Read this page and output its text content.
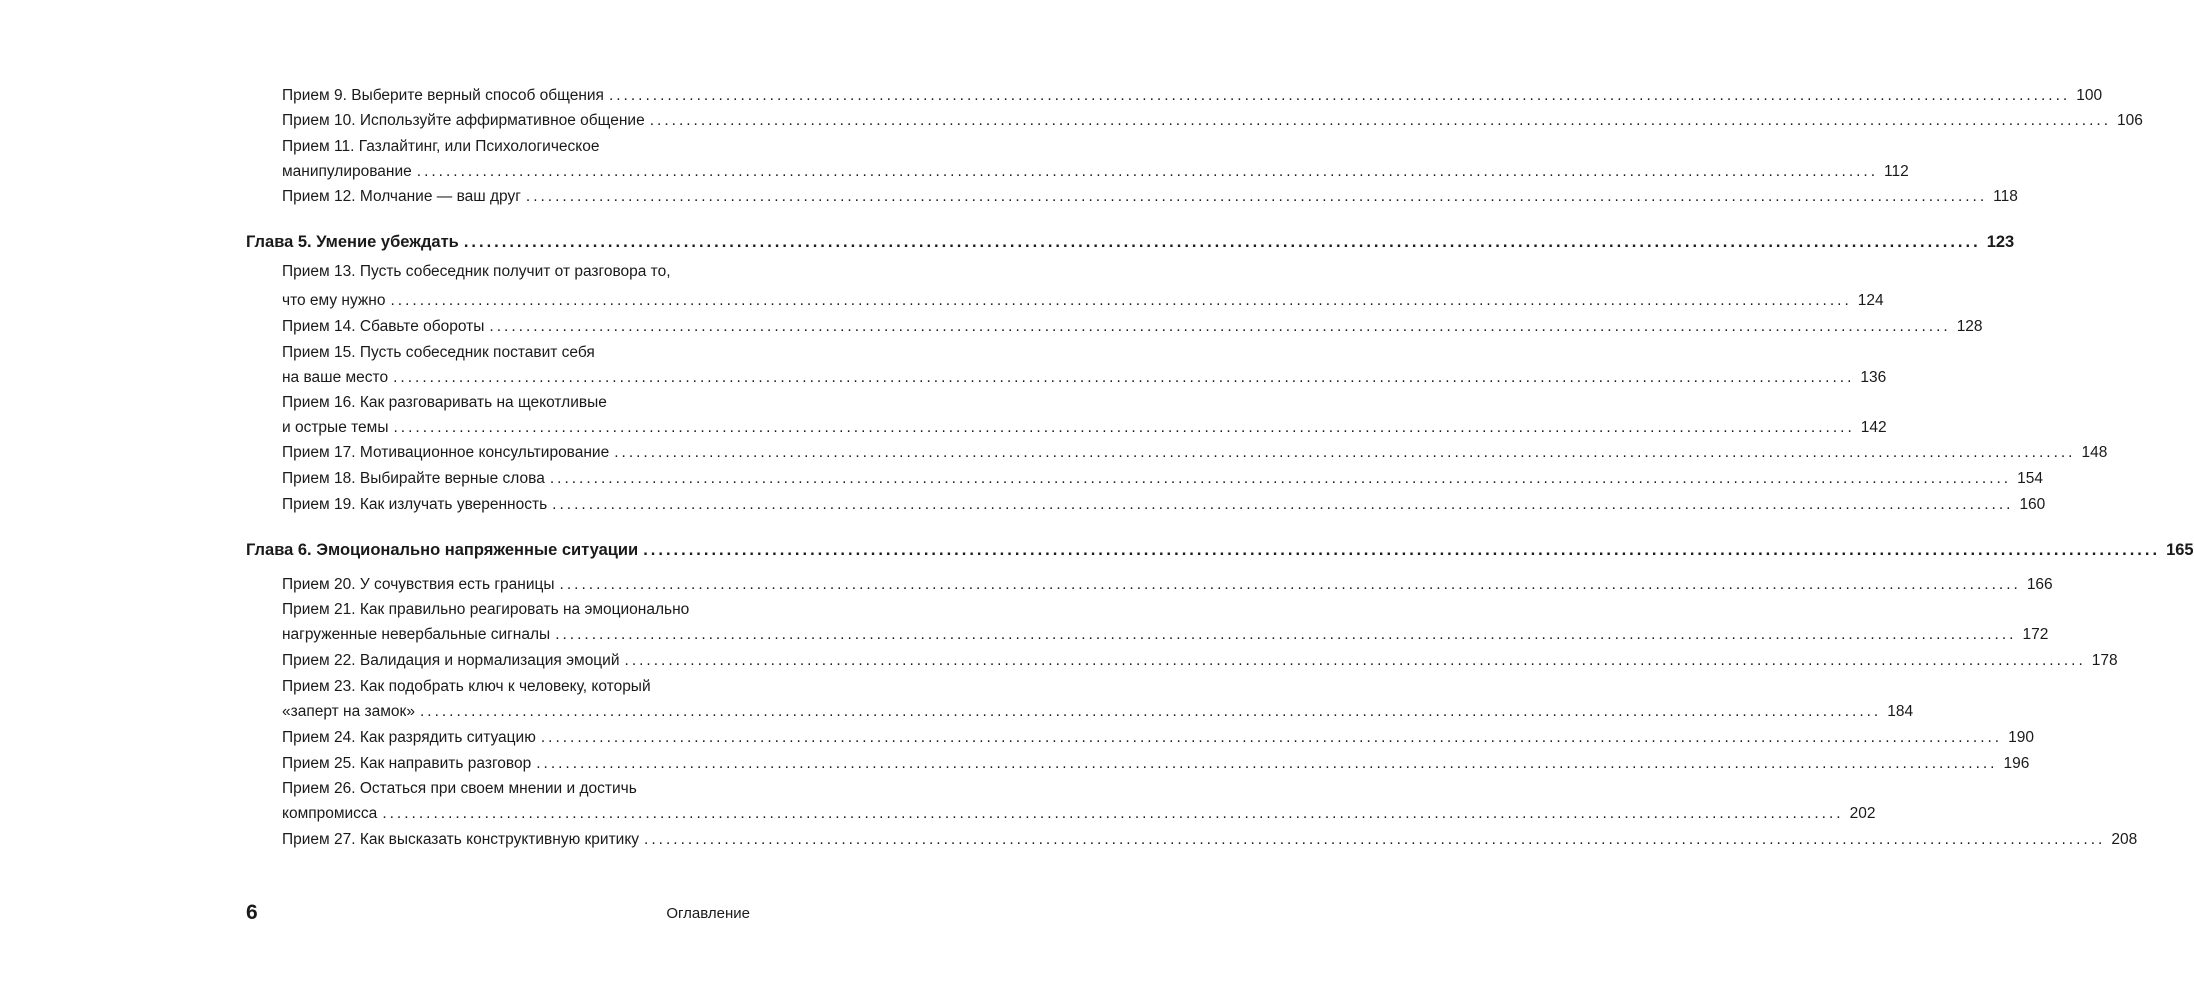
Прием 9. Выберите верный способ общения ........................................................................................................................................................................................................ 100
Прием 10. Используйте аффирмативное общение ........................................................................................................................................................................................................ 106
Прием 11. Газлайтинг, или Психологическое
манипулирование ........................................................................................................................................................................................................ 112
Прием 12. Молчание — ваш друг ........................................................................................................................................................................................................ 118
Глава 5. Умение убеждать ........................................................................................................................................................................................................ 123
Прием 13. Пусть собеседник получит от разговора то,
что ему нужно ........................................................................................................................................................................................................ 124
Прием 14. Сбавьте обороты ........................................................................................................................................................................................................ 128
Прием 15. Пусть собеседник поставит себя
на ваше место ........................................................................................................................................................................................................ 136
Прием 16. Как разговаривать на щекотливые
и острые темы ........................................................................................................................................................................................................ 142
Прием 17. Мотивационное консультирование ........................................................................................................................................................................................................ 148
Прием 18. Выбирайте верные слова ........................................................................................................................................................................................................ 154
Прием 19. Как излучать уверенность ........................................................................................................................................................................................................ 160
Глава 6. Эмоционально напряженные ситуации ........................................................................................................................................................................................................ 165
Прием 20. У сочувствия есть границы ........................................................................................................................................................................................................ 166
Прием 21. Как правильно реагировать на эмоционально
нагруженные невербальные сигналы ........................................................................................................................................................................................................ 172
Прием 22. Валидация и нормализация эмоций ........................................................................................................................................................................................................ 178
Прием 23. Как подобрать ключ к человеку, который
«заперт на замок» ........................................................................................................................................................................................................ 184
Прием 24. Как разрядить ситуацию ........................................................................................................................................................................................................ 190
Прием 25. Как направить разговор ........................................................................................................................................................................................................ 196
Прием 26. Остаться при своем мнении и достичь
компромисса ........................................................................................................................................................................................................ 202
Прием 27. Как высказать конструктивную критику ........................................................................................................................................................................................................ 208
6	Оглавление
